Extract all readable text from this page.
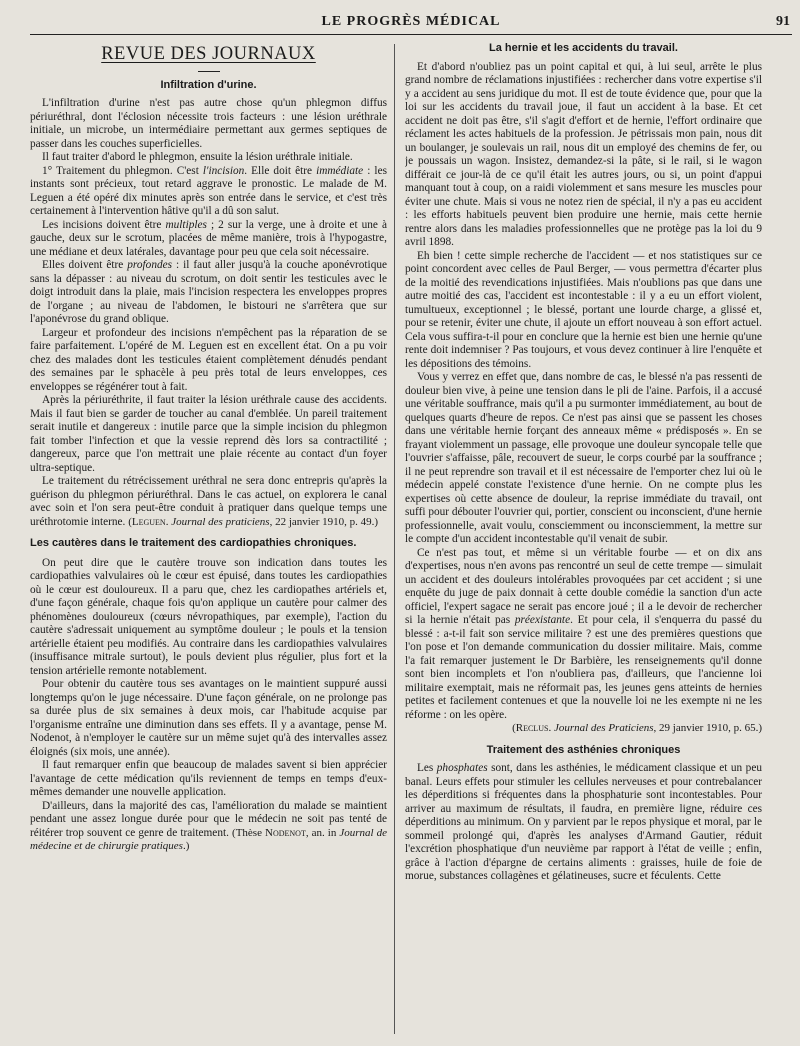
LE PROGRÈS MÉDICAL	91
REVUE DES JOURNAUX
Infiltration d'urine.

L'infiltration d'urine n'est pas autre chose qu'un phlegmon diffus périuréthral, dont l'éclosion nécessite trois facteurs : une lésion uréthrale initiale, un microbe, un intermédiaire permettant aux germes septiques de passer dans les couches superficielles.

Il faut traiter d'abord le phlegmon, ensuite la lésion uréthrale initiale.

1° Traitement du phlegmon. C'est l'incision. Elle doit être immédiate : les instants sont précieux, tout retard aggrave le pronostic. Le malade de M. Leguen a été opéré dix minutes après son entrée dans le service, et c'est très certainement à l'intervention hâtive qu'il a dû son salut.

Les incisions doivent être multiples ; 2 sur la verge, une à droite et une à gauche, deux sur le scrotum, placées de même manière, trois à l'hypogastre, une médiane et deux latérales, davantage pour peu que cela soit nécessaire.

Elles doivent être profondes : il faut aller jusqu'à la couche aponévrotique sans la dépasser : au niveau du scrotum, on doit sentir les testicules avec le doigt introduit dans la plaie, mais l'incision respectera les enveloppes propres de l'organe ; au niveau de l'abdomen, le bistouri ne s'arrêtera que sur l'aponévrose du grand oblique.

Largeur et profondeur des incisions n'empêchent pas la réparation de se faire parfaitement. L'opéré de M. Leguen est en excellent état. On a pu voir chez des malades dont les testicules étaient complètement dénudés pendant des semaines par le sphacèle à peu près total de leurs enveloppes, ces enveloppes se régénérer tout à fait.

Après la périuréthrite, il faut traiter la lésion uréthrale cause des accidents. Mais il faut bien se garder de toucher au canal d'emblée. Un pareil traitement serait inutile et dangereux : inutile parce que la simple incision du phlegmon fait tomber l'infection et que la vessie reprend dès lors sa contractilité ; dangereux, parce que l'on mettrait une plaie récente au contact d'un foyer ultra-septique.

Le traitement du rétrécissement uréthral ne sera donc entrepris qu'après la guérison du phlegmon périuréthral. Dans le cas actuel, on explorera le canal avec soin et l'on sera peut-être conduit à pratiquer dans quelque temps une uréthrotomie interne. (Leguen. Journal des praticiens, 22 janvier 1910, p. 49.)

Les cautères dans le traitement des cardiopathies chroniques.

On peut dire que le cautère trouve son indication dans toutes les cardiopathies valvulaires où le cœur est épuisé, dans toutes les cardiopathies où le cœur est douloureux. Il a paru que, chez les cardiopathes artériels et, d'une façon générale, chaque fois qu'on applique un cautère pour calmer des phénomènes douloureux (cœurs névropathiques, par exemple), l'action du cautère s'adressait uniquement au symptôme douleur ; le pouls et la tension artérielle étaient peu modifiés. Au contraire dans les cardiopathies valvulaires (insuffisance mitrale surtout), le pouls devient plus régulier, plus fort et la tension artérielle remonte notablement.

Pour obtenir du cautère tous ses avantages on le maintient suppuré aussi longtemps qu'on le juge nécessaire. D'une façon générale, on ne prolonge pas sa durée plus de six semaines à deux mois, car l'habitude acquise par l'organisme entraîne une diminution dans ses effets. Il y a avantage, pense M. Nodenot, à n'employer le cautère sur un même sujet qu'à des intervalles assez éloignés (six mois, une année).

Il faut remarquer enfin que beaucoup de malades savent si bien apprécier l'avantage de cette médication qu'ils reviennent de temps en temps d'eux-mêmes demander une nouvelle application.

D'ailleurs, dans la majorité des cas, l'amélioration du malade se maintient pendant une assez longue durée pour que le médecin ne soit pas tenté de réitérer trop souvent ce genre de traitement. (Thèse Nodenot, an. in Journal de médecine et de chirurgie pratiques.)

La hernie et les accidents du travail.

Et d'abord n'oubliez pas un point capital et qui, à lui seul, arrête le plus grand nombre de réclamations injustifiées : rechercher dans votre expertise s'il y a accident au sens juridique du mot. Il est de toute évidence que, pour que la loi sur les accidents du travail joue, il faut un accident à la base. Et cet accident ne doit pas être, s'il s'agit d'effort et de hernie, l'effort ordinaire que réclament les actes habituels de la profession. Je pétrissais mon pain, nous dit un boulanger, je soulevais un rail, nous dit un employé des chemins de fer, ou je poussais un wagon. Insistez, demandez-si la pâte, si le rail, si le wagon différait ce jour-là de ce qu'il était les autres jours, ou si, un point d'appui manquant tout à coup, on a raidi violemment et sans mesure les muscles pour éviter une chute. Mais si vous ne notez rien de spécial, il n'y a pas eu accident : les efforts habituels peuvent bien produire une hernie, mais cette hernie rentre alors dans les maladies professionnelles que ne protège pas la loi du 9 avril 1898.

Eh bien ! cette simple recherche de l'accident — et nos statistiques sur ce point concordent avec celles de Paul Berger, — vous permettra d'écarter plus de la moitié des revendications injustifiées. Mais n'oublions pas que dans une autre moitié des cas, l'accident est incontestable : il y a eu un effort violent, tumultueux, exceptionnel ; le blessé, portant une lourde charge, a glissé et, pour se retenir, éviter une chute, il ajoute un effort nouveau à son effort actuel. Cela vous suffira-t-il pour en conclure que la hernie est bien une hernie qu'une rente doit indemniser ? Pas toujours, et vous devez continuer à lire l'enquête et les dépositions des témoins.

Vous y verrez en effet que, dans nombre de cas, le blessé n'a pas ressenti de douleur bien vive, à peine une tension dans le pli de l'aine. Parfois, il a accusé une véritable souffrance, mais qu'il a pu surmonter immédiatement, au bout de quelques quarts d'heure de repos. Ce n'est pas ainsi que se passent les choses dans une véritable hernie forçant des anneaux même « prédisposés ». En se frayant violemment un passage, elle provoque une douleur syncopale telle que l'ouvrier s'affaisse, pâle, recouvert de sueur, le corps courbé par la souffrance ; il ne peut reprendre son travail et il est nécessaire de l'emporter chez lui où le médecin appelé constate l'existence d'une hernie. On ne compte plus les expertises où cette absence de douleur, la reprise immédiate du travail, ont suffi pour débouter l'ouvrier qui, portier, conscient ou inconscient, d'une hernie professionnelle, avait voulu, consciemment ou inconsciemment, la mettre sur le compte d'un accident incontestable qu'il venait de subir.

Ce n'est pas tout, et même si un véritable fourbe — et on dix ans d'expertises, nous n'en avons pas rencontré un seul de cette trempe — simulait un accident et des douleurs intolérables provoquées par cet accident ; si une enquête du juge de paix donnait à cette double comédie la sanction d'un acte officiel, l'expert sagace ne serait pas encore joué ; il a le devoir de rechercher si la hernie n'était pas préexistante. Et pour cela, il s'enquerra du passé du blessé : a-t-il fait son service militaire ? est une des premières questions que l'on pose et l'on demande communication du dossier militaire. Mais, comme l'a fait remarquer justement le Dr Barbière, les renseignements qu'il donne sont bien incomplets et l'on n'oubliera pas, d'ailleurs, que l'ancienne loi militaire exemptait, mais ne réformait pas, les jeunes gens atteints de hernies petites et facilement contenues et que la nouvelle loi ne les exempte ni ne les réforme : on les opère.

(Reclus. Journal des Praticiens, 29 janvier 1910, p. 65.)

Traitement des asthénies chroniques

Les phosphates sont, dans les asthénies, le médicament classique et un peu banal. Leurs effets pour stimuler les cellules nerveuses et pour contrebalancer les déperditions si fréquentes dans la phosphaturie sont incontestables. Pour arriver au maximum de résultats, il faudra, en première ligne, réduire ces déperditions au minimum. On y parvient par le repos physique et moral, par le sommeil prolongé qui, d'après les analyses d'Armand Gautier, réduit l'excrétion phosphatique d'un neuvième par rapport à l'état de veille ; enfin, grâce à l'action d'épargne de certains aliments : graisses, huile de foie de morue, substances collagènes et gélatineuses, sucre et féculents. Cette
